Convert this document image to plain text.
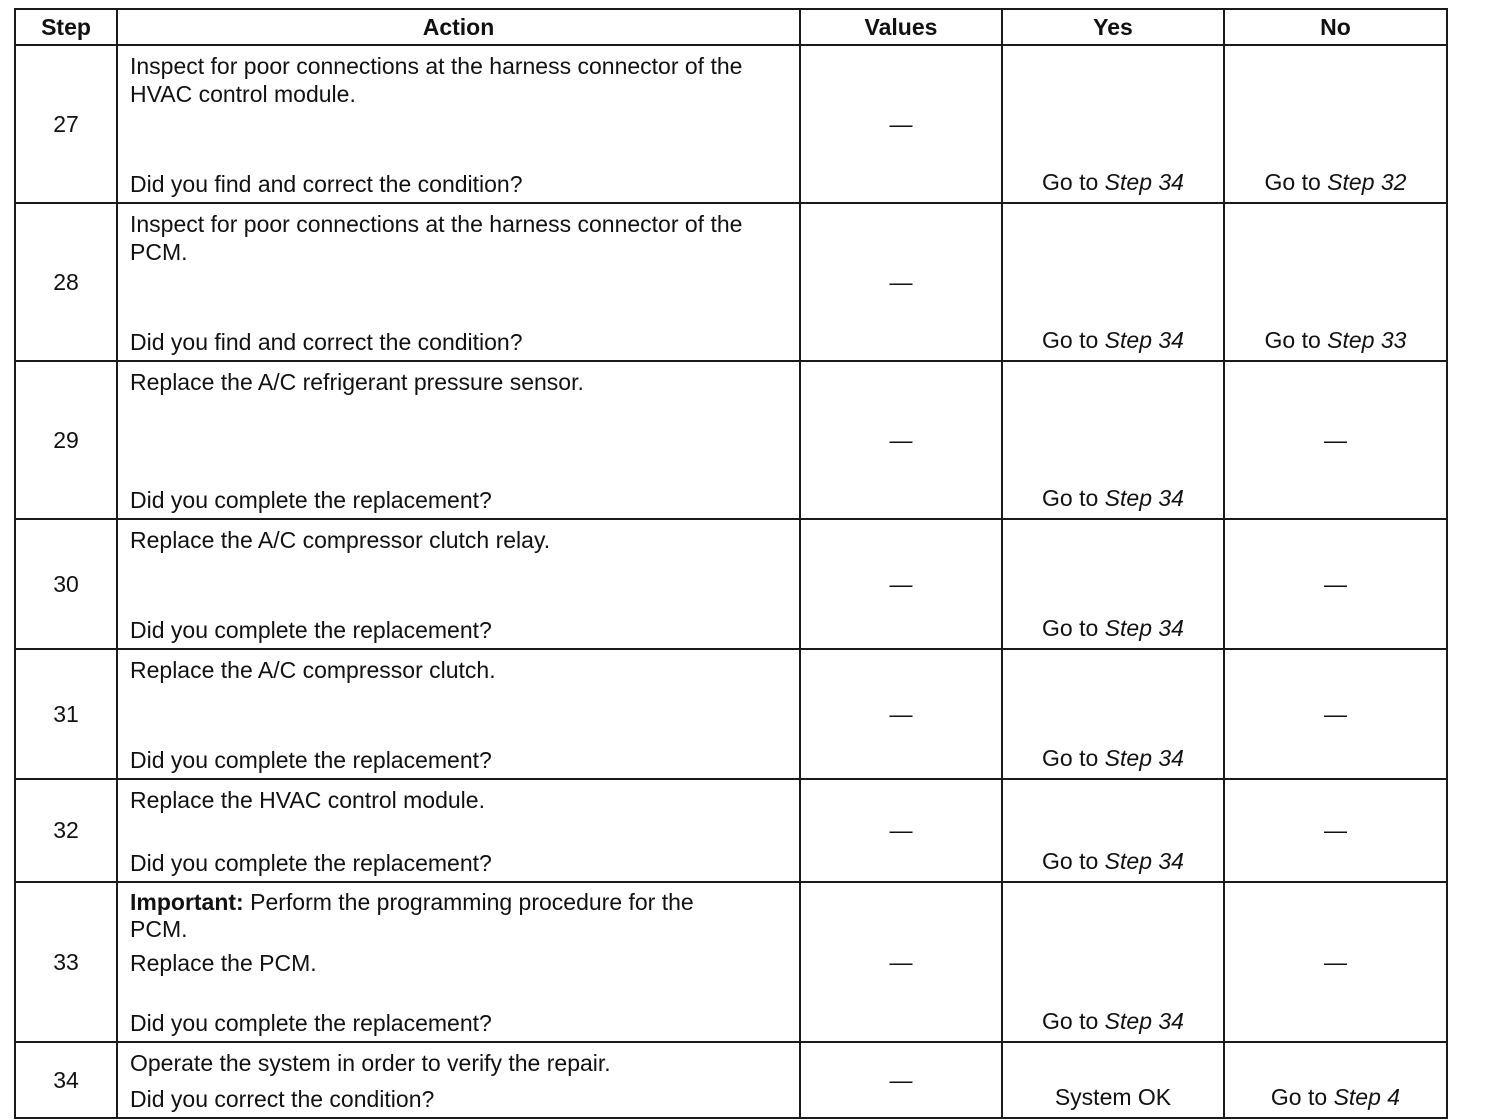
Step	Action	Values	Yes	No
27	Inspect for poor connections at the harness connector of the HVAC control module.

Did you find and correct the condition?	—	Go to Step 34	Go to Step 32
28	Inspect for poor connections at the harness connector of the PCM.

Did you find and correct the condition?	—	Go to Step 34	Go to Step 33
29	Replace the A/C refrigerant pressure sensor.

Did you complete the replacement?	—	Go to Step 34	—
30	Replace the A/C compressor clutch relay.

Did you complete the replacement?	—	Go to Step 34	—
31	Replace the A/C compressor clutch.

Did you complete the replacement?	—	Go to Step 34	—
32	Replace the HVAC control module.

Did you complete the replacement?	—	Go to Step 34	—
33	Important: Perform the programming procedure for the PCM.

Replace the PCM.

Did you complete the replacement?	—	Go to Step 34	—
34	Operate the system in order to verify the repair.

Did you correct the condition?	—	System OK	Go to Step 4
